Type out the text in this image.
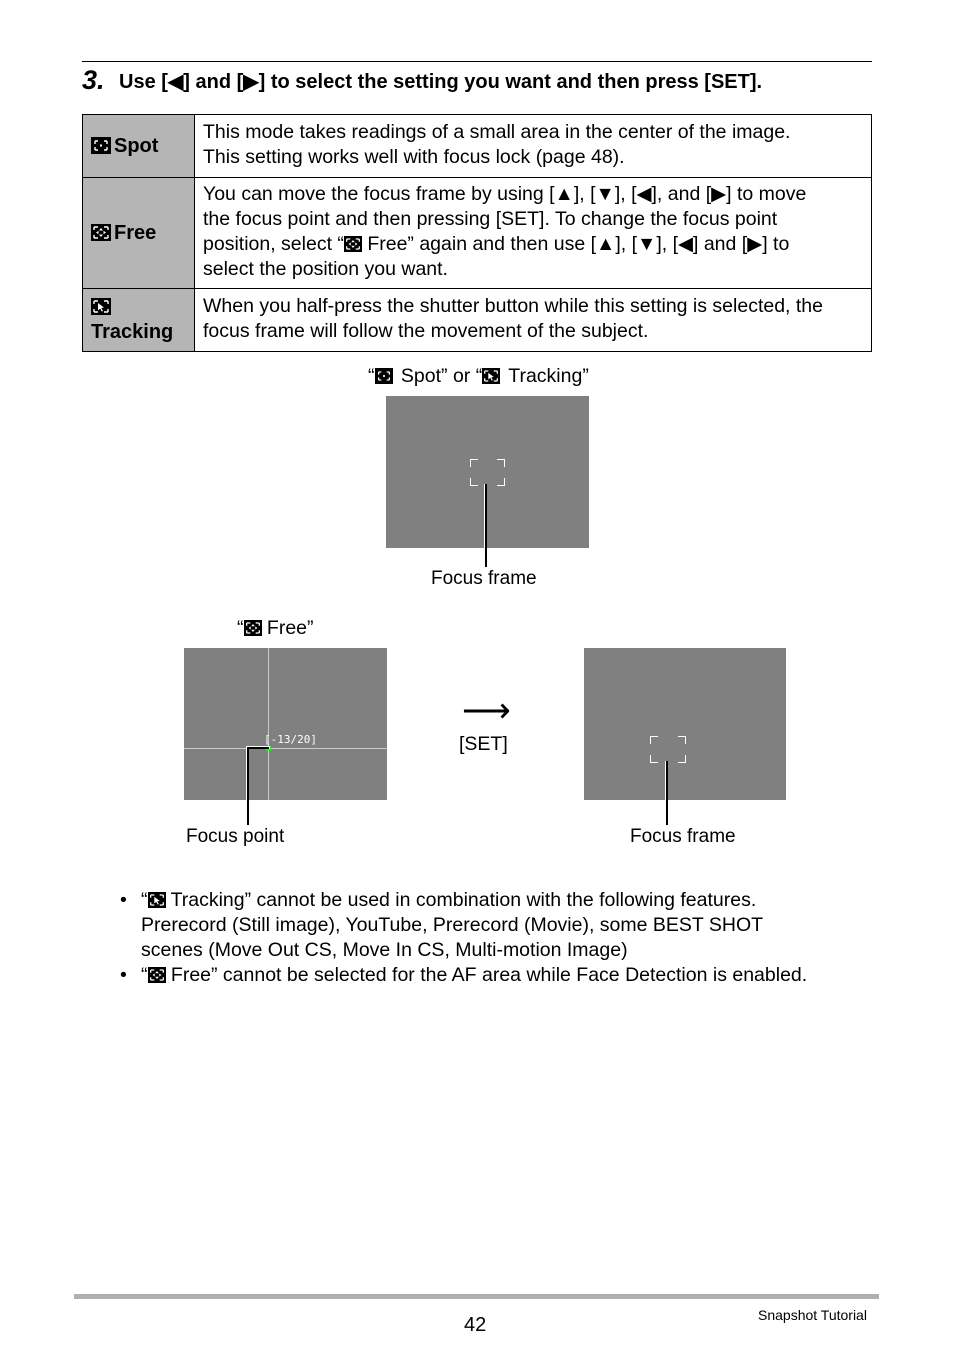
3. Use [◀] and [▶] to select the setting you want and then press [SET].
Spot	This mode takes readings of a small area in the center of the image.
This setting works well with focus lock (page 48).

Free	You can move the focus frame by using [▲], [▼], [◀], and [▶] to move
the focus point and then pressing [SET]. To change the focus point
position, select “
Free” again and then use [▲], [▼], [◀] and [▶] to
select the position you want.

Tracking	When you half-press the shutter button while this setting is selected, the
focus frame will follow the movement of the subject.
“
Spot” or “
Tracking”
Focus frame
“
Free”
[-13/20]
Focus point
⟶
[SET]
Focus frame
• “
Tracking” cannot be used in combination with the following features.
Prerecord (Still image), YouTube, Prerecord (Movie), some BEST SHOT
scenes (Move Out CS, Move In CS, Multi-motion Image)
• “
Free” cannot be selected for the AF area while Face Detection is enabled.
42	Snapshot Tutorial
